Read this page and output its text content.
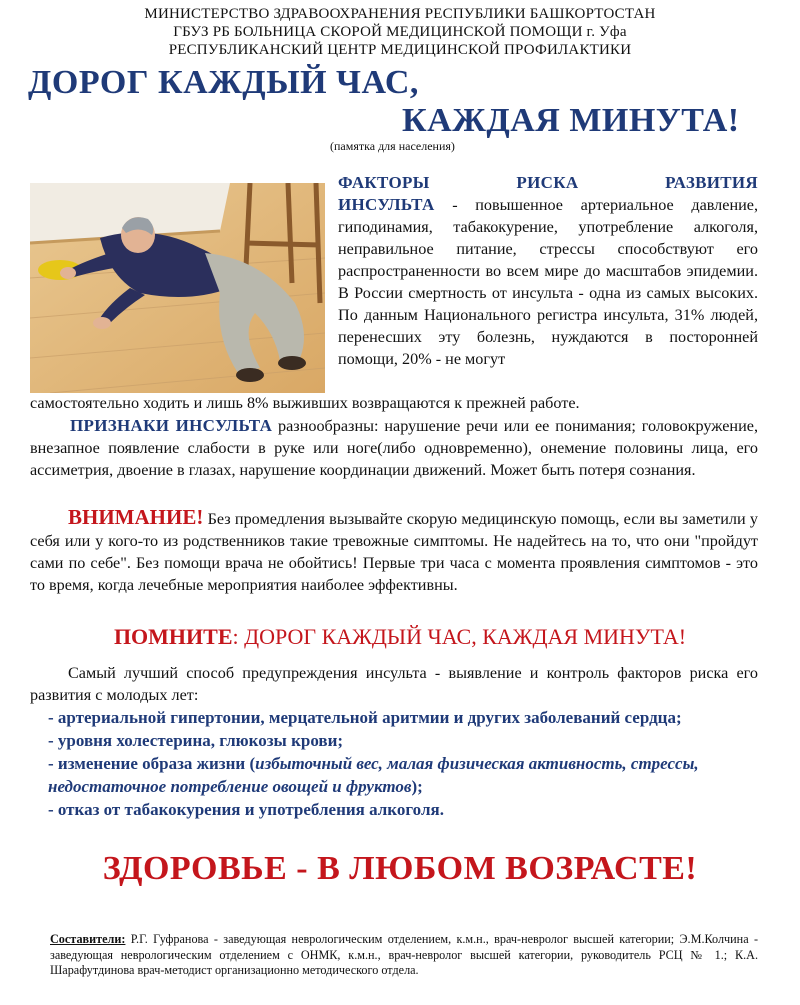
МИНИСТЕРСТВО ЗДРАВООХРАНЕНИЯ РЕСПУБЛИКИ БАШКОРТОСТАН
ГБУЗ РБ БОЛЬНИЦА СКОРОЙ МЕДИЦИНСКОЙ ПОМОЩИ г. Уфа
РЕСПУБЛИКАНСКИЙ ЦЕНТР МЕДИЦИНСКОЙ ПРОФИЛАКТИКИ
ДОРОГ КАЖДЫЙ ЧАС,
КАЖДАЯ МИНУТА!
(памятка для населения)
ФАКТОРЫ РИСКА РАЗВИТИЯ ИНСУЛЬТА - повышенное артериальное давление, гиподинамия, табакокурение, употребление алкоголя, неправильное питание, стрессы способствуют его распространенности во всем мире до масштабов эпидемии. В России смертность от инсульта - одна из самых высоких. По данным Национального регистра инсульта, 31% людей, перенесших эту болезнь, нуждаются в посторонней помощи, 20% - не могут
самостоятельно ходить и лишь 8% выживших возвращаются к прежней работе.
ПРИЗНАКИ ИНСУЛЬТА разнообразны: нарушение речи или ее понимания; головокружение, внезапное появление слабости в руке или ноге(либо одновременно), онемение половины лица, его ассиметрия, двоение в глазах, нарушение координации движений. Может быть потеря сознания.
ВНИМАНИЕ! Без промедления вызывайте скорую медицинскую помощь, если вы заметили у себя или у кого-то из родственников такие тревожные симптомы. Не надейтесь на то, что они "пройдут сами по себе". Без помощи врача не обойтись! Первые три часа с момента проявления симптомов - это то время, когда лечебные мероприятия наиболее эффективны.
ПОМНИТЕ: ДОРОГ КАЖДЫЙ ЧАС, КАЖДАЯ МИНУТА!
Самый лучший способ предупреждения инсульта - выявление и контроль факторов риска его развития с молодых лет:
- артериальной гипертонии, мерцательной аритмии и других заболеваний сердца;
- уровня холестерина, глюкозы крови;
- изменение образа жизни (избыточный вес, малая физическая активность, стрессы, недостаточное потребление овощей и фруктов);
- отказ от табакокурения и употребления алкоголя.
ЗДОРОВЬЕ - В ЛЮБОМ ВОЗРАСТЕ!
Составители: Р.Г. Гуфранова - заведующая неврологическим отделением, к.м.н., врач-невролог высшей категории; Э.М.Колчина - заведующая неврологическим отделением с ОНМК, к.м.н., врач-невролог высшей категории, руководитель РСЦ № 1.; К.А. Шарафутдинова врач-методист организационно методического отдела.
